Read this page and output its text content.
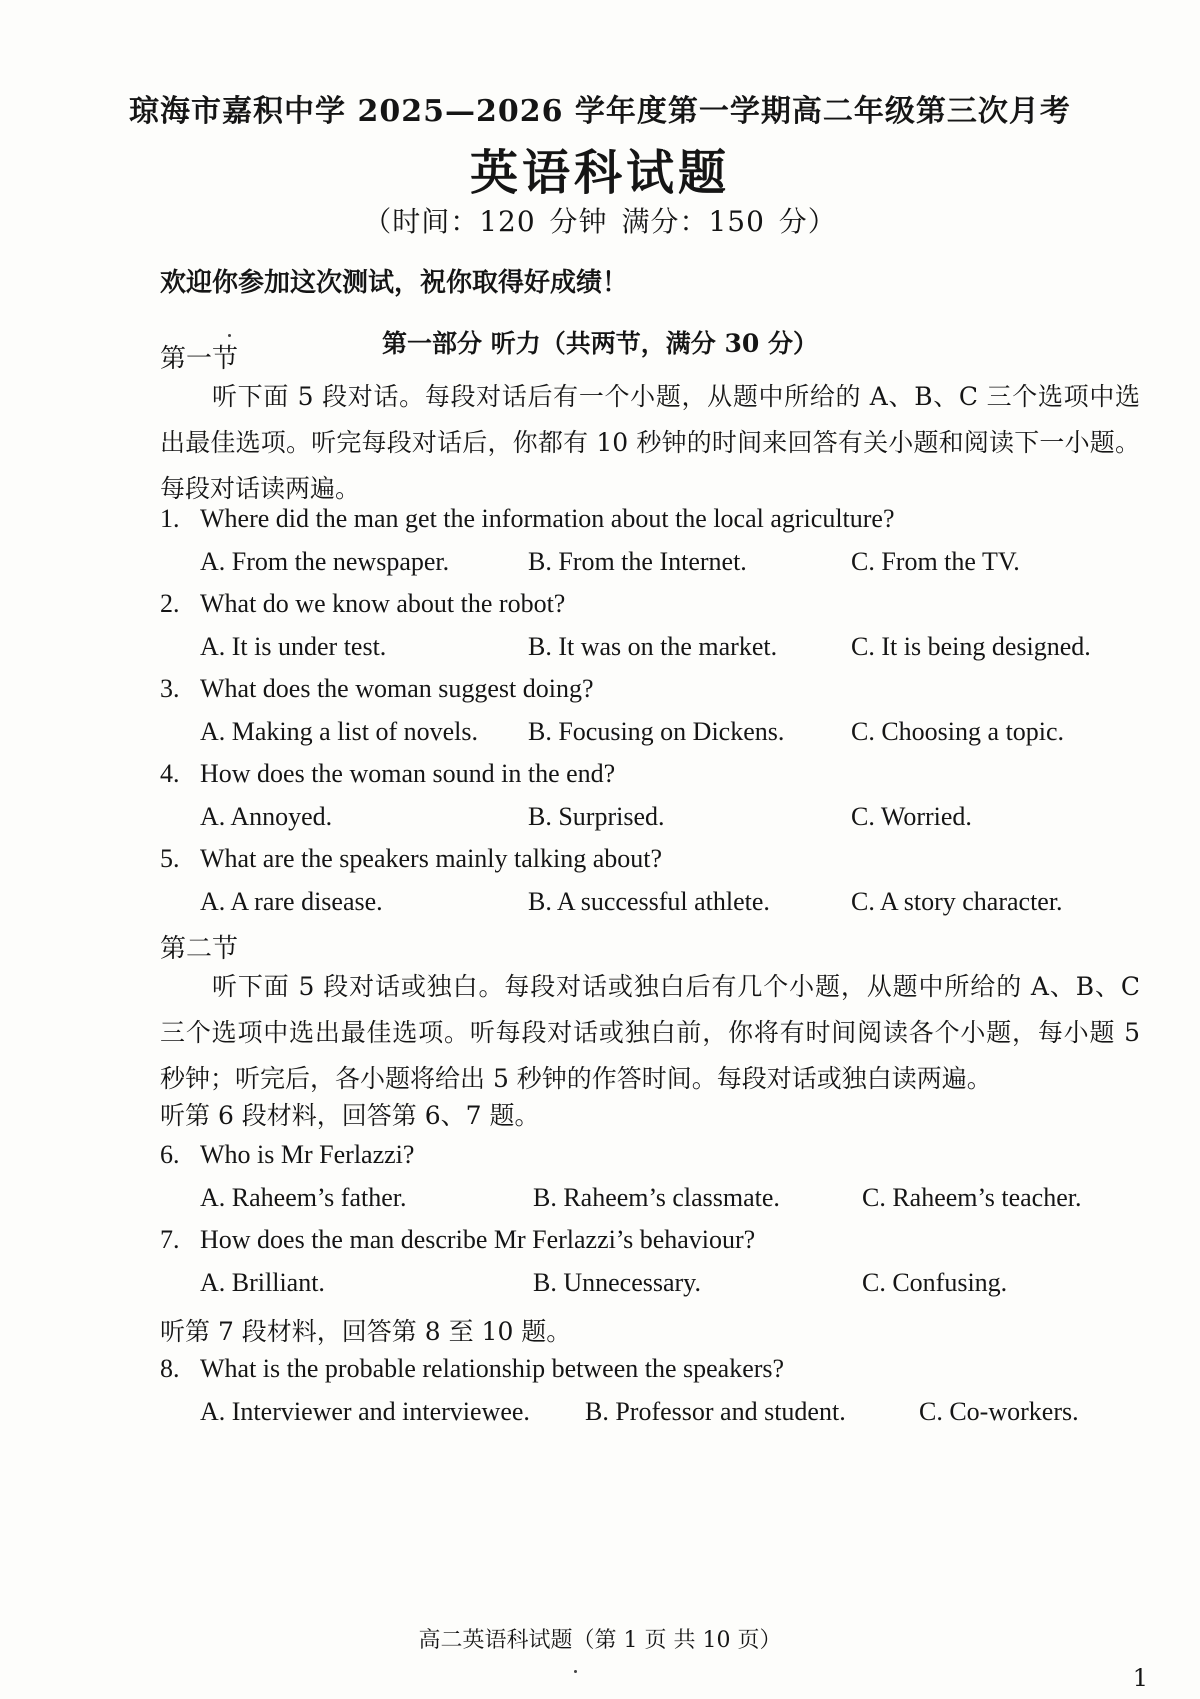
琼海市嘉积中学 2025—2026 学年度第一学期高二年级第三次月考
英语科试题
（时间：120 分钟 满分：150 分）
欢迎你参加这次测试，祝你取得好成绩！
第一部分 听力（共两节，满分 30 分）
第一节

听下面 5 段对话。每段对话后有一个小题，从题中所给的 A、B、C 三个选项中选出最佳选项。听完每段对话后，你都有 10 秒钟的时间来回答有关小题和阅读下一小题。每段对话读两遍。

1. Where did the man get the information about the local agriculture?
A. From the newspaper.	B. From the Internet.	C. From the TV.
2. What do we know about the robot?
A. It is under test.	B. It was on the market.	C. It is being designed.
3. What does the woman suggest doing?
A. Making a list of novels. B. Focusing on Dickens.	C. Choosing a topic.
4. How does the woman sound in the end?
A. Annoyed.	B. Surprised.	C. Worried.
5. What are the speakers mainly talking about?
A. A rare disease.	B. A successful athlete.	C. A story character.
第二节

听下面 5 段对话或独白。每段对话或独白后有几个小题，从题中所给的 A、B、C 三个选项中选出最佳选项。听每段对话或独白前，你将有时间阅读各个小题，每小题 5 秒钟；听完后，各小题将给出 5 秒钟的作答时间。每段对话或独白读两遍。

听第 6 段材料，回答第 6、7 题。
6. Who is Mr Ferlazzi?
A. Raheem’s father.	B. Raheem’s classmate.	C. Raheem’s teacher.
7. How does the man describe Mr Ferlazzi’s behaviour?
A. Brilliant.	B. Unnecessary.	C. Confusing.
听第 7 段材料，回答第 8 至 10 题。
8. What is the probable relationship between the speakers?
A. Interviewer and interviewee. B. Professor and student.	C. Co-workers.
高二英语科试题（第 1 页 共 10 页）
1
